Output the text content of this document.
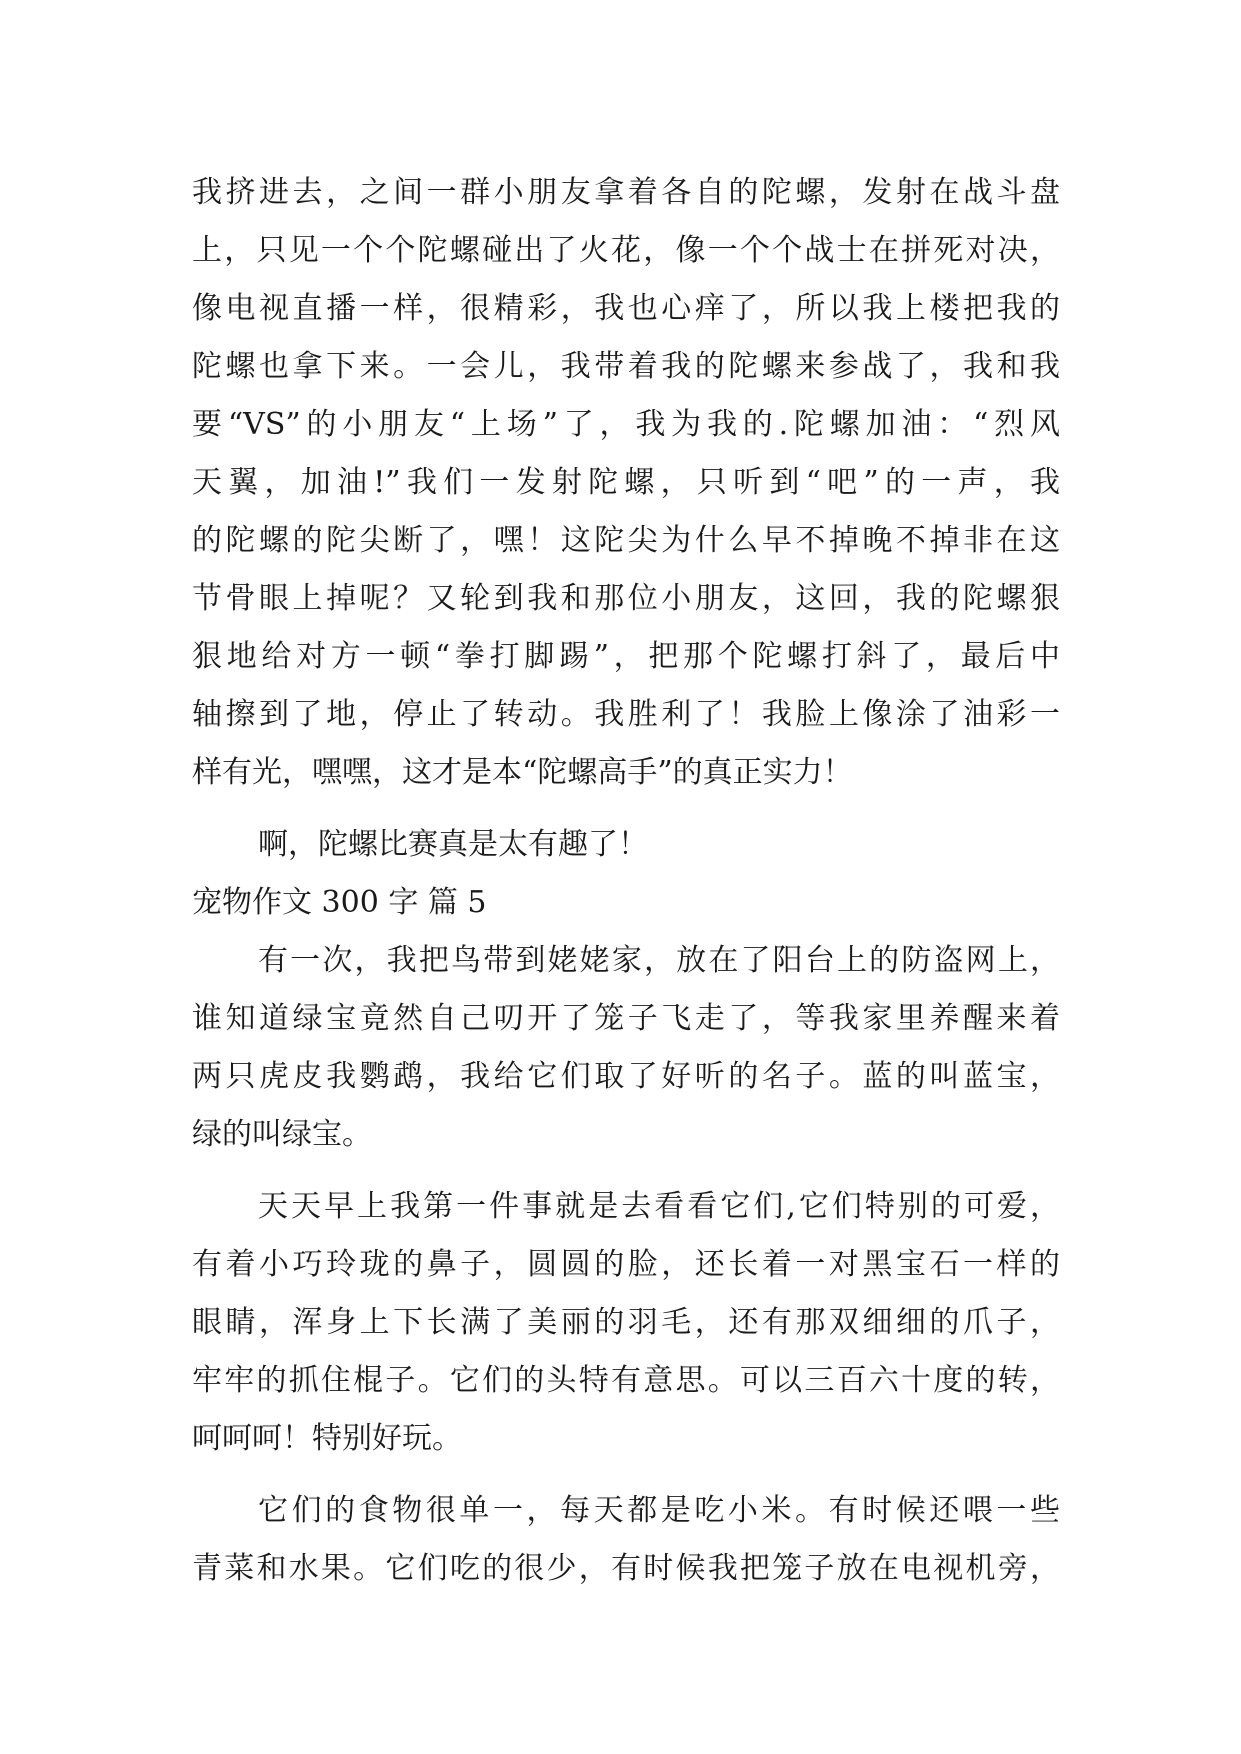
我挤进去，之间一群小朋友拿着各自的陀螺，发射在战斗盘
上，只见一个个陀螺碰出了火花，像一个个战士在拼死对决，
像电视直播一样，很精彩，我也心痒了，所以我上楼把我的
陀螺也拿下来。一会儿，我带着我的陀螺来参战了，我和我
要“VS”的小朋友“上场”了，我为我的.陀螺加油：“烈风
天翼，加油!”我们一发射陀螺，只听到“吧”的一声，我
的陀螺的陀尖断了，嘿！这陀尖为什么早不掉晚不掉非在这
节骨眼上掉呢？又轮到我和那位小朋友，这回，我的陀螺狠
狠地给对方一顿“拳打脚踢”，把那个陀螺打斜了，最后中
轴擦到了地，停止了转动。我胜利了！我脸上像涂了油彩一
样有光，嘿嘿，这才是本“陀螺高手”的真正实力！
啊，陀螺比赛真是太有趣了！
宠物作文 300 字 篇 5
有一次，我把鸟带到姥姥家，放在了阳台上的防盗网上，
谁知道绿宝竟然自己叨开了笼子飞走了，等我家里养醒来着
两只虎皮我鹦鹉，我给它们取了好听的名子。蓝的叫蓝宝，
绿的叫绿宝。
天天早上我第一件事就是去看看它们,它们特别的可爱，
有着小巧玲珑的鼻子，圆圆的脸，还长着一对黑宝石一样的
眼睛，浑身上下长满了美丽的羽毛，还有那双细细的爪子，
牢牢的抓住棍子。它们的头特有意思。可以三百六十度的转，
呵呵呵！特别好玩。
它们的食物很单一，每天都是吃小米。有时候还喂一些
青菜和水果。它们吃的很少，有时候我把笼子放在电视机旁，
